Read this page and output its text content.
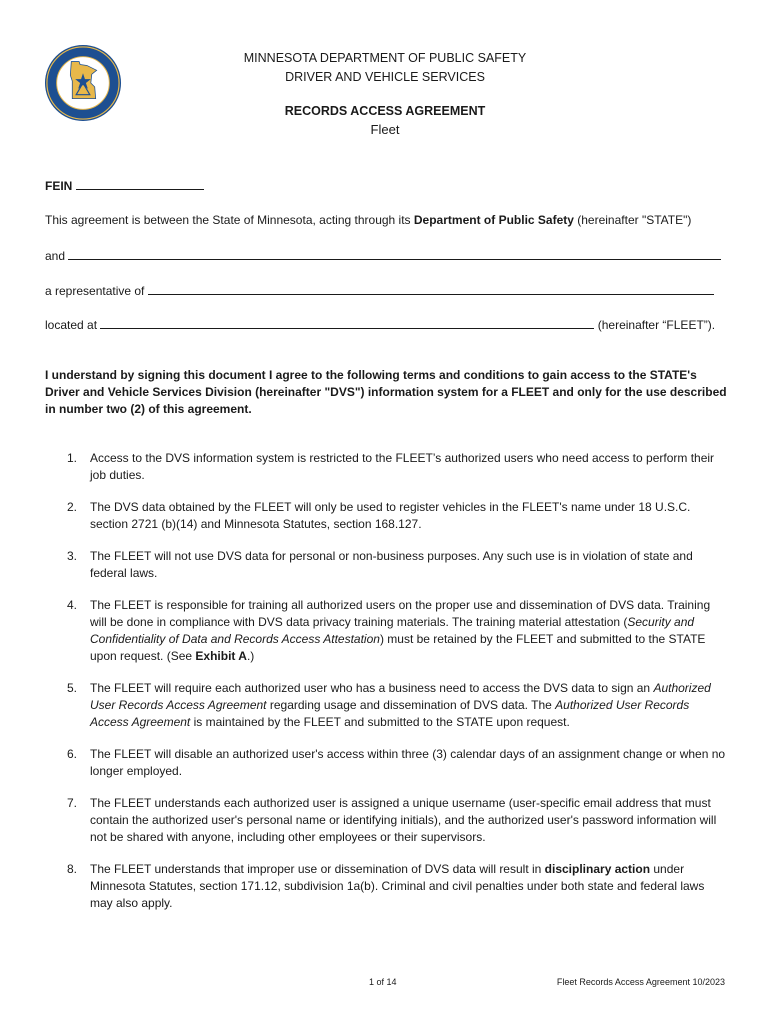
MINNESOTA DEPARTMENT OF PUBLIC SAFETY
DRIVER AND VEHICLE SERVICES
RECORDS ACCESS AGREEMENT
Fleet
FEIN
This agreement is between the State of Minnesota, acting through its Department of Public Safety (hereinafter "STATE")
and
a representative of
located at	(hereinafter “FLEET”).
I understand by signing this document I agree to the following terms and conditions to gain access to the STATE's Driver and Vehicle Services Division (hereinafter "DVS") information system for a FLEET and only for the use described in number two (2) of this agreement.
1. Access to the DVS information system is restricted to the FLEET’s authorized users who need access to perform their job duties.
2. The DVS data obtained by the FLEET will only be used to register vehicles in the FLEET's name under 18 U.S.C. section 2721 (b)(14) and Minnesota Statutes, section 168.127.
3. The FLEET will not use DVS data for personal or non-business purposes. Any such use is in violation of state and federal laws.
4. The FLEET is responsible for training all authorized users on the proper use and dissemination of DVS data. Training will be done in compliance with DVS data privacy training materials. The training material attestation (Security and Confidentiality of Data and Records Access Attestation) must be retained by the FLEET and submitted to the STATE upon request. (See Exhibit A.)
5. The FLEET will require each authorized user who has a business need to access the DVS data to sign an Authorized User Records Access Agreement regarding usage and dissemination of DVS data. The Authorized User Records Access Agreement is maintained by the FLEET and submitted to the STATE upon request.
6. The FLEET will disable an authorized user's access within three (3) calendar days of an assignment change or when no longer employed.
7. The FLEET understands each authorized user is assigned a unique username (user-specific email address that must contain the authorized user's personal name or identifying initials), and the authorized user's password information will not be shared with anyone, including other employees or their supervisors.
8. The FLEET understands that improper use or dissemination of DVS data will result in disciplinary action under Minnesota Statutes, section 171.12, subdivision 1a(b). Criminal and civil penalties under both state and federal laws may also apply.
1 of 14	Fleet Records Access Agreement 10/2023
